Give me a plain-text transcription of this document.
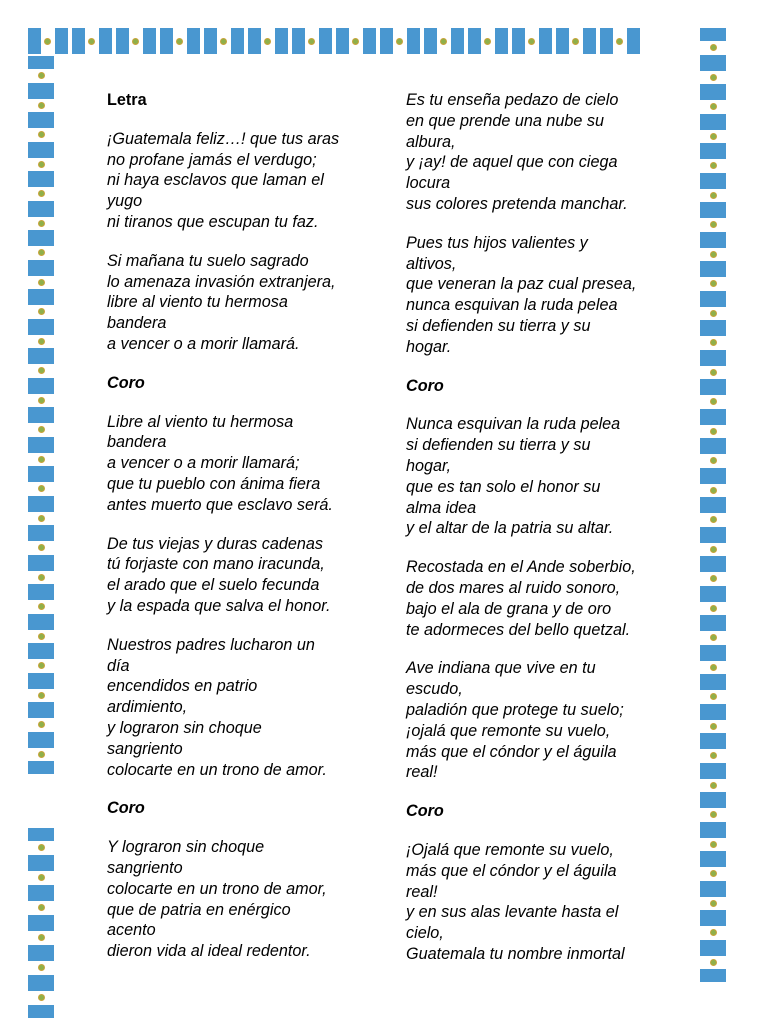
Letra
¡Guatemala feliz…! que tus aras
no profane jamás el verdugo;
ni haya esclavos que laman el
yugo
ni tiranos que escupan tu faz.
Si mañana tu suelo sagrado
lo amenaza invasión extranjera,
libre al viento tu hermosa
bandera
a vencer o a morir llamará.
Coro
Libre al viento tu hermosa
bandera
a vencer o a morir llamará;
que tu pueblo con ánima fiera
antes muerto que esclavo será.
De tus viejas y duras cadenas
tú forjaste con mano iracunda,
el arado que el suelo fecunda
y la espada que salva el honor.
Nuestros padres lucharon un
día
encendidos en patrio
ardimiento,
y lograron sin choque
sangriento
colocarte en un trono de amor.
Coro
Y lograron sin choque
sangriento
colocarte en un trono de amor,
que de patria en enérgico
acento
dieron vida al ideal redentor.
Es tu enseña pedazo de cielo
en que prende una nube su
albura,
y ¡ay! de aquel que con ciega
locura
sus colores pretenda manchar.
Pues tus hijos valientes y
altivos,
que veneran la paz cual presea,
nunca esquivan la ruda pelea
si defienden su tierra y su
hogar.
Coro
Nunca esquivan la ruda pelea
si defienden su tierra y su
hogar,
que es tan solo el honor su
alma idea
y el altar de la patria su altar.
Recostada en el Ande soberbio,
de dos mares al ruido sonoro,
bajo el ala de grana y de oro
te adormeces del bello quetzal.
Ave indiana que vive en tu
escudo,
paladión que protege tu suelo;
¡ojalá que remonte su vuelo,
más que el cóndor y el águila
real!
Coro
¡Ojalá que remonte su vuelo,
más que el cóndor y el águila
real!
y en sus alas levante hasta el
cielo,
Guatemala tu nombre inmortal
